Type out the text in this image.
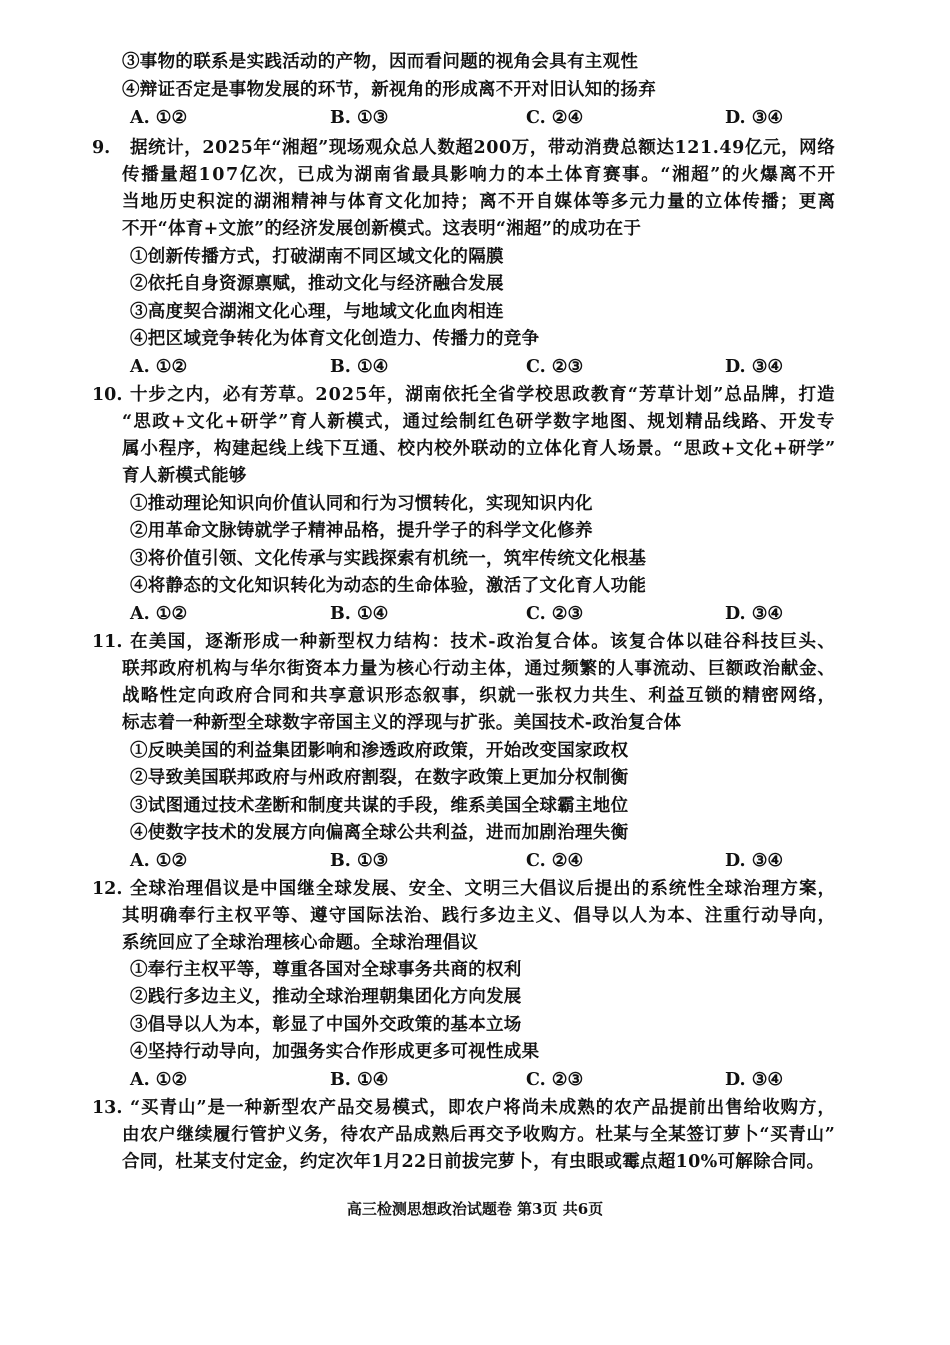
③事物的联系是实践活动的产物，因而看问题的视角会具有主观性
④辩证否定是事物发展的环节，新视角的形成离不开对旧认知的扬弃
A. ①②	B. ①③	C. ②④	D. ③④
9. 据统计，2025年“湘超”现场观众总人数超200万，带动消费总额达121.49亿元，网络
传播量超107亿次，已成为湖南省最具影响力的本土体育赛事。“湘超”的火爆离不开
当地历史积淀的湖湘精神与体育文化加持；离不开自媒体等多元力量的立体传播；更离
不开“体育+文旅”的经济发展创新模式。这表明“湘超”的成功在于
①创新传播方式，打破湖南不同区域文化的隔膜
②依托自身资源禀赋，推动文化与经济融合发展
③高度契合湖湘文化心理，与地域文化血肉相连
④把区域竞争转化为体育文化创造力、传播力的竞争
A. ①②	B. ①④	C. ②③	D. ③④
10. 十步之内，必有芳草。2025年，湖南依托全省学校思政教育“芳草计划”总品牌，打造
“思政+文化+研学”育人新模式，通过绘制红色研学数字地图、规划精品线路、开发专
属小程序，构建起线上线下互通、校内校外联动的立体化育人场景。“思政+文化+研学”
育人新模式能够
①推动理论知识向价值认同和行为习惯转化，实现知识内化
②用革命文脉铸就学子精神品格，提升学子的科学文化修养
③将价值引领、文化传承与实践探索有机统一，筑牢传统文化根基
④将静态的文化知识转化为动态的生命体验，激活了文化育人功能
A. ①②	B. ①④	C. ②③	D. ③④
11. 在美国，逐渐形成一种新型权力结构：技术-政治复合体。该复合体以硅谷科技巨头、
联邦政府机构与华尔街资本力量为核心行动主体，通过频繁的人事流动、巨额政治献金、
战略性定向政府合同和共享意识形态叙事，织就一张权力共生、利益互锁的精密网络，
标志着一种新型全球数字帝国主义的浮现与扩张。美国技术-政治复合体
①反映美国的利益集团影响和渗透政府政策，开始改变国家政权
②导致美国联邦政府与州政府割裂，在数字政策上更加分权制衡
③试图通过技术垄断和制度共谋的手段，维系美国全球霸主地位
④使数字技术的发展方向偏离全球公共利益，进而加剧治理失衡
A. ①②	B. ①③	C. ②④	D. ③④
12. 全球治理倡议是中国继全球发展、安全、文明三大倡议后提出的系统性全球治理方案，
其明确奉行主权平等、遵守国际法治、践行多边主义、倡导以人为本、注重行动导向，
系统回应了全球治理核心命题。全球治理倡议
①奉行主权平等，尊重各国对全球事务共商的权利
②践行多边主义，推动全球治理朝集团化方向发展
③倡导以人为本，彰显了中国外交政策的基本立场
④坚持行动导向，加强务实合作形成更多可视性成果
A. ①②	B. ①④	C. ②③	D. ③④
13. “买青山”是一种新型农产品交易模式，即农户将尚未成熟的农产品提前出售给收购方，
由农户继续履行管护义务，待农产品成熟后再交予收购方。杜某与全某签订萝卜“买青山”
合同，杜某支付定金，约定次年1月22日前拔完萝卜，有虫眼或霉点超10%可解除合同。
高三检测思想政治试题卷 第3页 共6页
